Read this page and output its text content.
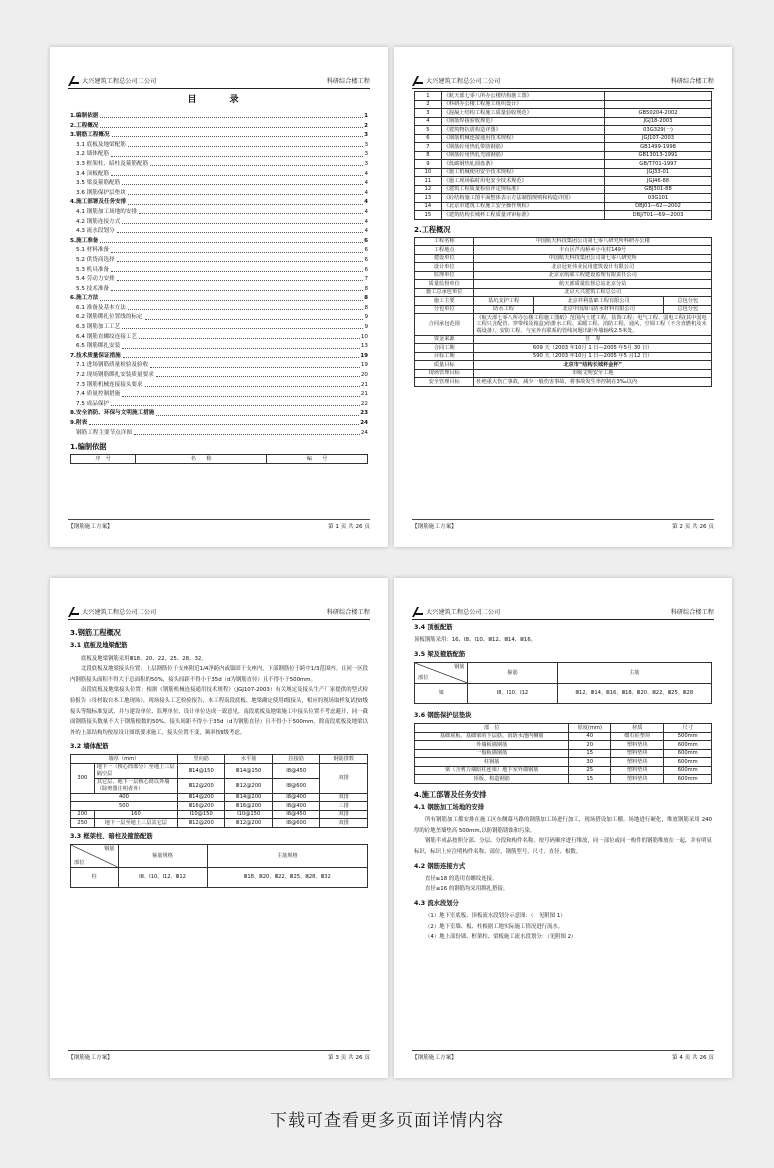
大兴建筑工程总公司二公司	科研综合楼工程
目　录
1.编制依据	1
2.工程概况	2
3.钢筋工程概况	3
3.1 底板及地梁配筋	3
3.2 墙体配筋	3
3.3 框架柱、暗柱及箍筋配筋	3
3.4 顶板配筋	4
3.5 梁及箍筋配筋	4
3.6 钢筋保护层垫块	4
4.施工部署及任务安排	4
4.1 钢筋加工场地的安排	4
4.2 钢筋连接方式	4
4.3 流水段划分	4
5.施工准备	6
5.1 材料准备	6
5.2 供货商选择	6
5.3 机具准备	6
5.4 劳动力安排	7
5.5 技术准备	8
6.施工方法	8
6.1 准备及基本方法	8
6.2 钢筋绑扎位置线的标定	9
6.3 钢筋加工工艺	9
6.4 钢筋直螺纹连接工艺	10
6.5 钢筋绑扎安装	13
7.技术质量保证措施	19
7.1 进场钢筋质量检验及验收	19
7.2 现场钢筋绑扎安装质量要求	20
7.3 钢筋机械连接接头要求	21
7.4 质量控制措施	21
7.5 成品保护	22
8.安全消防、环保与文明施工措施	23
9.附表	24
钢筋工程主要节点详图	24
1.编制依据
序　号	名　　称	编　　号
【钢筋施工方案】	第 1 页 共 26 页
大兴建筑工程总公司二公司	科研综合楼工程
1	《航天部七零八所办公楼结构施工图》	
2	《科研办公楼工程施工组织设计》	
3	《混凝土结构工程施工质量验收规范》	GB50204-2002
4	《钢筋焊接验收规范》	JGJ18-2003
5	《建筑物抗震构造详图》	03G329(一)
6	《钢筋机械连接通用技术规程》	JGJ107-2003
7	《钢筋砼用热轧带肋钢筋》	GB1499-1998
8	《钢筋砼用热轧光圆钢筋》	GB13013-1991
9	《低碳钢热轧圆盘条》	GB/T701-1997
10	《施工机械使用安全技术规程》	JGJ33-01
11	《施工现场临时用电安全技术规范》	JGJ46-88
12	《建筑工程质量检验评定规标准》	GBJ301-88
13	《砼结构施工图平面整体表示方法制图规则和构造详图》	03G101
14	《北京市建筑工程施工安全操作规程》	DBJ01—62—2002
15	《建筑结构长城杯工程质量评审标准》	DBJ/T01—69—2003
2.工程概况
工程名称	中国航天科技集团公司第七零八研究所科研办公楼		
工程地点	丰台区芦沟桥乡小屯村149号		
建设单位	中国航天科技集团公司第七零八研究所		
设计单位	北京冠亚伟业民用建筑设计有限公司		
监理单位	北京京航联工程建设监理有限责任公司		
质量监督单位	航天部质量监督总站北京分站		
施工总承包单位	北京大兴建筑工程总公司		
施工主要	基坑支护工程	北京祥利基础工程有限公司	总包分包
分包单位	防水工程	北京中国海马防水材料有限公司	总包分包
合同承包范围	《航天部七零八所办公楼工程施工图纸》范围内土建工程、装饰工程；电气工程、弱电工程(其中弱电工程只含配管、穿带线及箱盒)给排水工程、采暖工程、消防工程、通风、空调工程（不含直燃机及末端设备）、安防工程、与室外有联系的管线问题出距外墙轴线2.5米处。		
资金来源	自　筹		
合同工期	609 天（2003 年10月 1 日—2005 年5月 30 日）		
目标工期	590 天（2003 年10月 1 日—2005 年5 月12 日）		
质量目标	北京市“结构长城杯金杯”		
现场管理目标	市级文明安全工地		
安全管理目标	杜绝重大伤亡事故，减少一般伤害事故，将事故发生率控制在3‰以内		
【钢筋施工方案】	第 2 页 共 26 页
大兴建筑工程总公司二公司	科研综合楼工程
3.钢筋工程概况
3.1 底板及地梁配筋

底板及地梁钢筋采用Ⅲ18、20、22、25、28、32。

北段底板及地梁接头位置：上层钢筋位于支座附近1/4净跨内或锚固于支座内，下部钢筋位于跨中1/3范围内。且同一区段内钢筋接头面积不得大于总面积的50%，接头间距不得小于35d（d为钢筋直径）且不得小于500mm。

南段底板及地梁接头位置：根据《钢筋机械连接通用技术规程》（JGJ107-2003）有关规定及接头生产厂家提供的型式检验报告（母材取自本工地现场），现场接头工艺检验报告，本工程南段底板、地梁确定使用Ⅰ级接头，相应的现场取样复试按Ⅰ级接头等级标准复试，并与建设单位、监理单位、设计单位达成一致意见，南段底板及地梁施工中接头位置不考虑避开，同一截面钢筋接头数量不大于钢筋根数的50%，接头间距不得小于35d（d为钢筋直径）且不得小于500mm，除南段底板及地梁以外的上部结构均按原设计图纸要求施工，接头位置不变，频率按Ⅱ级考虑。

3.2 墙体配筋
墙厚（mm）		竖向筋	水平筋	拉接筋	钢筋排数
300	地下一（核心筒部分）至地上三层隔空层	Ⅲ14@150	Ⅲ14@150	Ⅰ8@450	双排
	其它层、地下一层核心筒以外墙（除剪图注明者外）	Ⅲ12@200	Ⅲ12@200	Ⅰ8@600	
400		Ⅲ14@200	Ⅲ14@200	Ⅰ8@400	双排
500		Ⅲ16@200	Ⅲ16@200	Ⅰ8@400	三排
200	160	Ⅰ10@150	Ⅰ10@150	Ⅰ8@450	双排
250	地下一层至地上三层其它层	Ⅲ12@200	Ⅲ12@200	Ⅰ8@600	双排
3.3 框架柱、暗柱及箍筋配筋
钢筋
部位	箍筋规格	主筋规格
柱	Ⅰ8、Ⅰ10、Ⅰ12、Ⅲ12	Ⅲ18、Ⅲ20、Ⅲ22、Ⅲ25、Ⅲ28、Ⅲ32
【钢筋施工方案】	第 3 页 共 26 页
大兴建筑工程总公司二公司	科研综合楼工程
3.4 顶板配筋

顶板钢筋采用：16、Ⅰ8、Ⅰ10、Ⅲ12、Ⅲ14、Ⅲ16。

3.5 梁及箍筋配筋
钢筋
部位	箍筋	主筋
梁	Ⅰ8、Ⅰ10、Ⅰ12	Ⅲ12、Ⅲ14、Ⅲ16、Ⅲ18、Ⅲ20、Ⅲ22、Ⅲ25、Ⅲ28
3.6 钢筋保护层垫块
部　位	厚度(mm)	材质	尺寸
基础底板、基础梁的下层筋、消防水池内侧筋	40	细石砼垫块	500mm
外墙板墙钢筋	20	塑料垫块	600mm
一般板墙钢筋	15	塑料垫块	600mm
柱钢筋	30	塑料垫块	600mm
梁（含剪力墙暗柱连梁）地下室外墙钢筋	25	塑料垫块	600mm
顶板、构造钢筋	15	塑料垫块	600mm
4.施工部署及任务安排
4.1 钢筋加工场地的安排

所有钢筋加工都安排在施工区东侧幕马路的钢筋加工场进行加工，现场搭设加工棚。场地进行硬化，堆放钢筋采用 240 厚的砼地垄墙垫高 500mm,以防钢筋锈蚀和污染。

钢筋半成品按照分部、分层、分段和构件名称，按号码顺序进行堆放，同一部位或同一构件的钢筋堆放在一起，并有明显标识，标识上应注明构件名称、部位、钢筋型号、尺寸、直径、根数。

4.2 钢筋连接方式

直径≥18 的选用直螺纹连接。

直径≤16 的钢筋均采用绑扎搭接。

4.3 流水段划分

（1）地下室底板、顶板流水段划分示意图：（　见附图 1）

（2）地下室墙、板、柱根据工地实际施工情况进行流水。

（4）地上部份墙、框架柱、梁板施工流水段划分：（见附图 2）

【钢筋施工方案】	第 4 页 共 26 页
下载可查看更多页面详情内容
